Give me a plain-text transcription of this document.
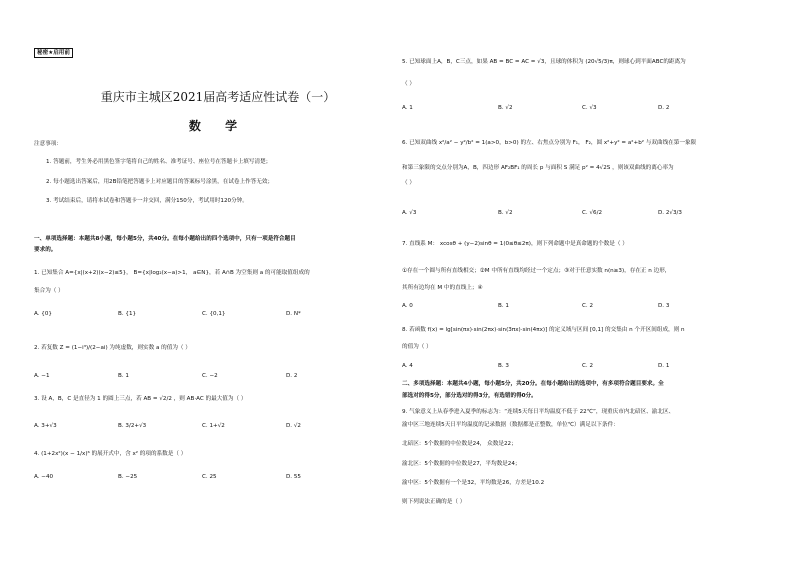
秘密★启用前
重庆市主城区2021届高考适应性试卷（一）
数 学
注意事项：
1. 答题前，考生务必用黑色签字笔将自己的姓名、准考证号、座位号在答题卡上填写清楚；
2. 每小题选出答案后，用2B铅笔把答题卡上对应题目的答案标号涂黑，在试卷上作答无效；
3. 考试结束后，请将本试卷和答题卡一并交回，满分150分，考试用时120分钟。
一、单项选择题：本题共8小题，每小题5分，共40分。在每小题给出的四个选项中，只有一项是符合题目
要求的。
1. 已知集合 A={x|(x+2)(x−2)≤5}， B={x|log₂(x−a)>1， a∈N}，若 A∩B 为空集则 a 的可能取值组成的
集合为（ ）
A. {0}	B. {1}	C. {0,1}	D. N*
2. 若复数 Z = (1−i³)/(2−ai) 为纯虚数，则实数 a 的值为（ ）
A. −1	B. 1	C. −2	D. 2
3. 设 A，B，C 是直径为 1 的圆上三点，若 AB = √2/2 ，则 AB·AC 的最大值为（ ）
A. 3+√3	B. 3/2+√3	C. 1+√2	D. √2
4. (1+2x²)(x − 1/x)⁶ 的展开式中，含 x² 的项的系数是（ ）
A. −40	B. −25	C. 25	D. 55
5. 已知球面上A，B，C三点，如果 AB = BC = AC = √3，且球的体积为 (20√5/3)π，则球心到平面ABC的距离为
（ ）
A. 1	B. √2	C. √3	D. 2
6. 已知双曲线 x²/a² − y²/b² = 1(a>0，b>0) 的左、右焦点分别为 F₁， F₂，圆 x²+y² = a²+b² 与双曲线在第一象限
和第三象限的交点分别为A，B，四边形 AF₂BF₁ 的周长 p 与面积 S 满足 p² = 4√2S ，则该双曲线的离心率为
（ ）
A. √3	B. √2	C. √6/2	D. 2√3/3
7. 直线系 M： xcosθ + (y−2)sinθ = 1(0≤θ≤2π)，则下列命题中是真命题的个数是（ ）
①存在一个圆与所有直线相交；②M 中所有直线均经过一个定点；③对于任意实数 n(n≥3)，存在正 n 边形，
其所有边均在 M 中的直线上；④
A. 0	B. 1	C. 2	D. 3
8. 若函数 f(x) = lg[sin(πx)·sin(2πx)·sin(3πx)·sin(4πx)] 的定义域与区间 [0,1] 的交集由 n 个开区间组成，则 n
的值为（ ）
A. 4	B. 3	C. 2	D. 1
二、多项选择题：本题共4小题，每小题5分，共20分。在每小题给出的选项中，有多项符合题目要求。全
部选对的得5分，部分选对的得3分，有选错的得0分。
9. 气象意义上从春季进入夏季的标志为：“连续5天每日平均温度不低于 22℃”，现重庆市内北碚区、渝北区、
渝中区三地连续5天日平均温度的记录数据（数据都是正整数，单位℃）满足以下条件：
北碚区：5个数据的中位数是24， 众数是22；
渝北区：5个数据的中位数是27，平均数是24；
渝中区：5个数据有一个是32，平均数是26，方差是10.2
则下列说法正确的是（ ）
